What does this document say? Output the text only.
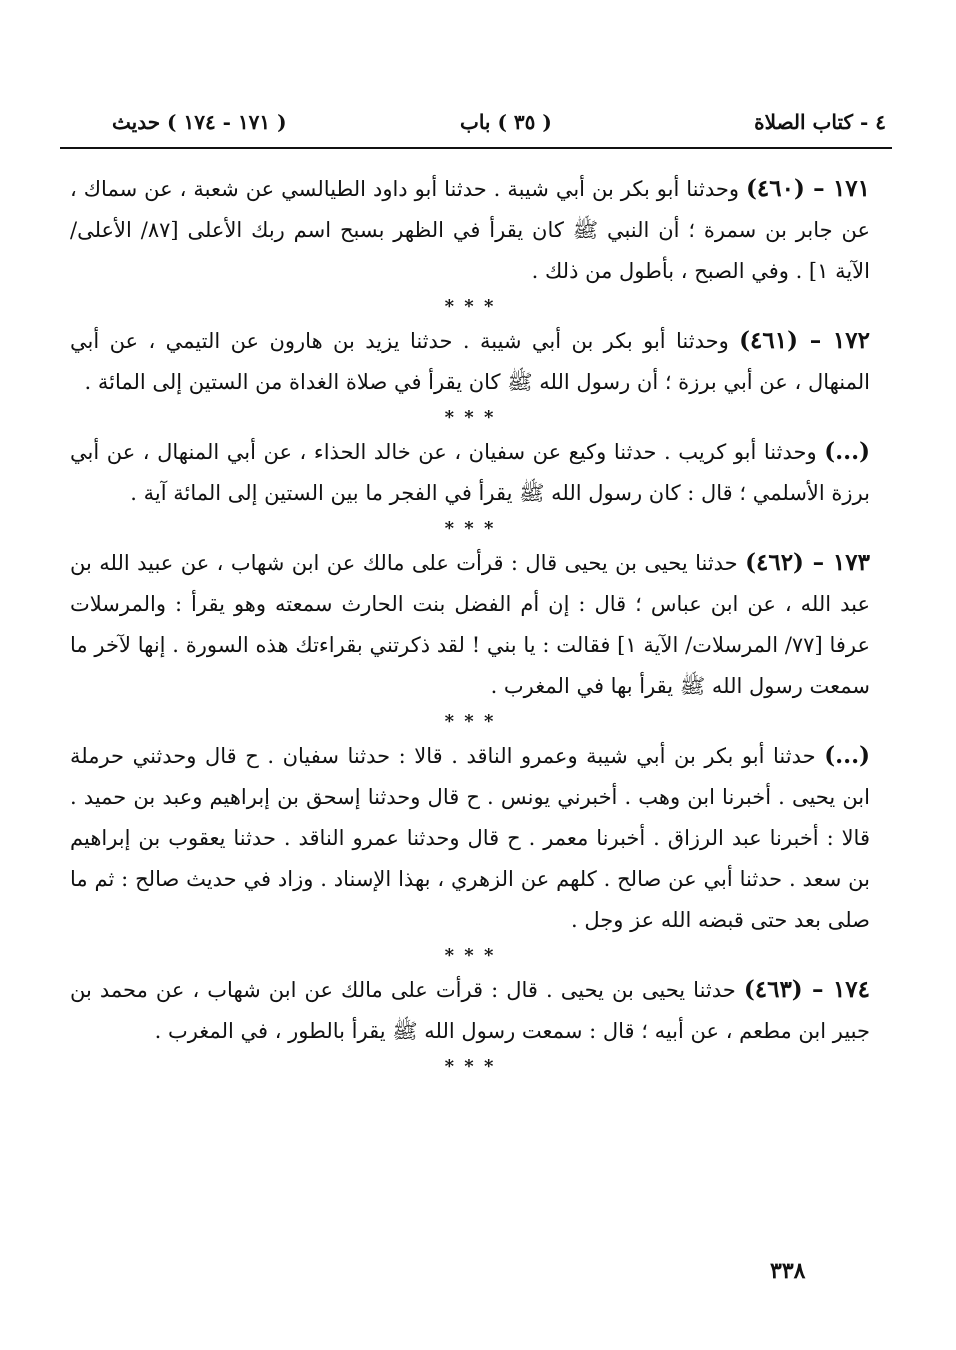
( ١٧١ - ١٧٤ ) حديث	( ٣٥ ) باب	٤ - كتاب الصلاة

١٧١ – (٤٦٠) وحدثنا أبو بكر بن أبي شيبة . حدثنا أبو داود الطيالسي عن شعبة ، عن سماك ، عن جابر بن سمرة ؛ أن النبي ﷺ كان يقرأ في الظهر بسبح اسم ربك الأعلى [٨٧/ الأعلى/ الآية ١] . وفي الصبح ، بأطول من ذلك .

* * *

١٧٢ – (٤٦١) وحدثنا أبو بكر بن أبي شيبة . حدثنا يزيد بن هارون عن التيمي ، عن أبي المنهال ، عن أبي برزة ؛ أن رسول الله ﷺ كان يقرأ في صلاة الغداة من الستين إلى المائة .

* * *

(...) وحدثنا أبو كريب . حدثنا وكيع عن سفيان ، عن خالد الحذاء ، عن أبي المنهال ، عن أبي برزة الأسلمي ؛ قال : كان رسول الله ﷺ يقرأ في الفجر ما بين الستين إلى المائة آية .

* * *

١٧٣ – (٤٦٢) حدثنا يحيى بن يحيى قال : قرأت على مالك عن ابن شهاب ، عن عبيد الله بن عبد الله ، عن ابن عباس ؛ قال : إن أم الفضل بنت الحارث سمعته وهو يقرأ : والمرسلات عرفا [٧٧/ المرسلات/ الآية ١] فقالت : يا بني ! لقد ذكرتني بقراءتك هذه السورة . إنها لآخر ما سمعت رسول الله ﷺ يقرأ بها في المغرب .

* * *

(...) حدثنا أبو بكر بن أبي شيبة وعمرو الناقد . قالا : حدثنا سفيان . ح قال وحدثني حرملة ابن يحيى . أخبرنا ابن وهب . أخبرني يونس . ح قال وحدثنا إسحق بن إبراهيم وعبد بن حميد . قالا : أخبرنا عبد الرزاق . أخبرنا معمر . ح قال وحدثنا عمرو الناقد . حدثنا يعقوب بن إبراهيم بن سعد . حدثنا أبي عن صالح . كلهم عن الزهري ، بهذا الإسناد . وزاد في حديث صالح : ثم ما صلى بعد حتى قبضه الله عز وجل .

* * *

١٧٤ – (٤٦٣) حدثنا يحيى بن يحيى . قال : قرأت على مالك عن ابن شهاب ، عن محمد بن جبير ابن مطعم ، عن أبيه ؛ قال : سمعت رسول الله ﷺ يقرأ بالطور ، في المغرب .

* * *
٣٣٨
